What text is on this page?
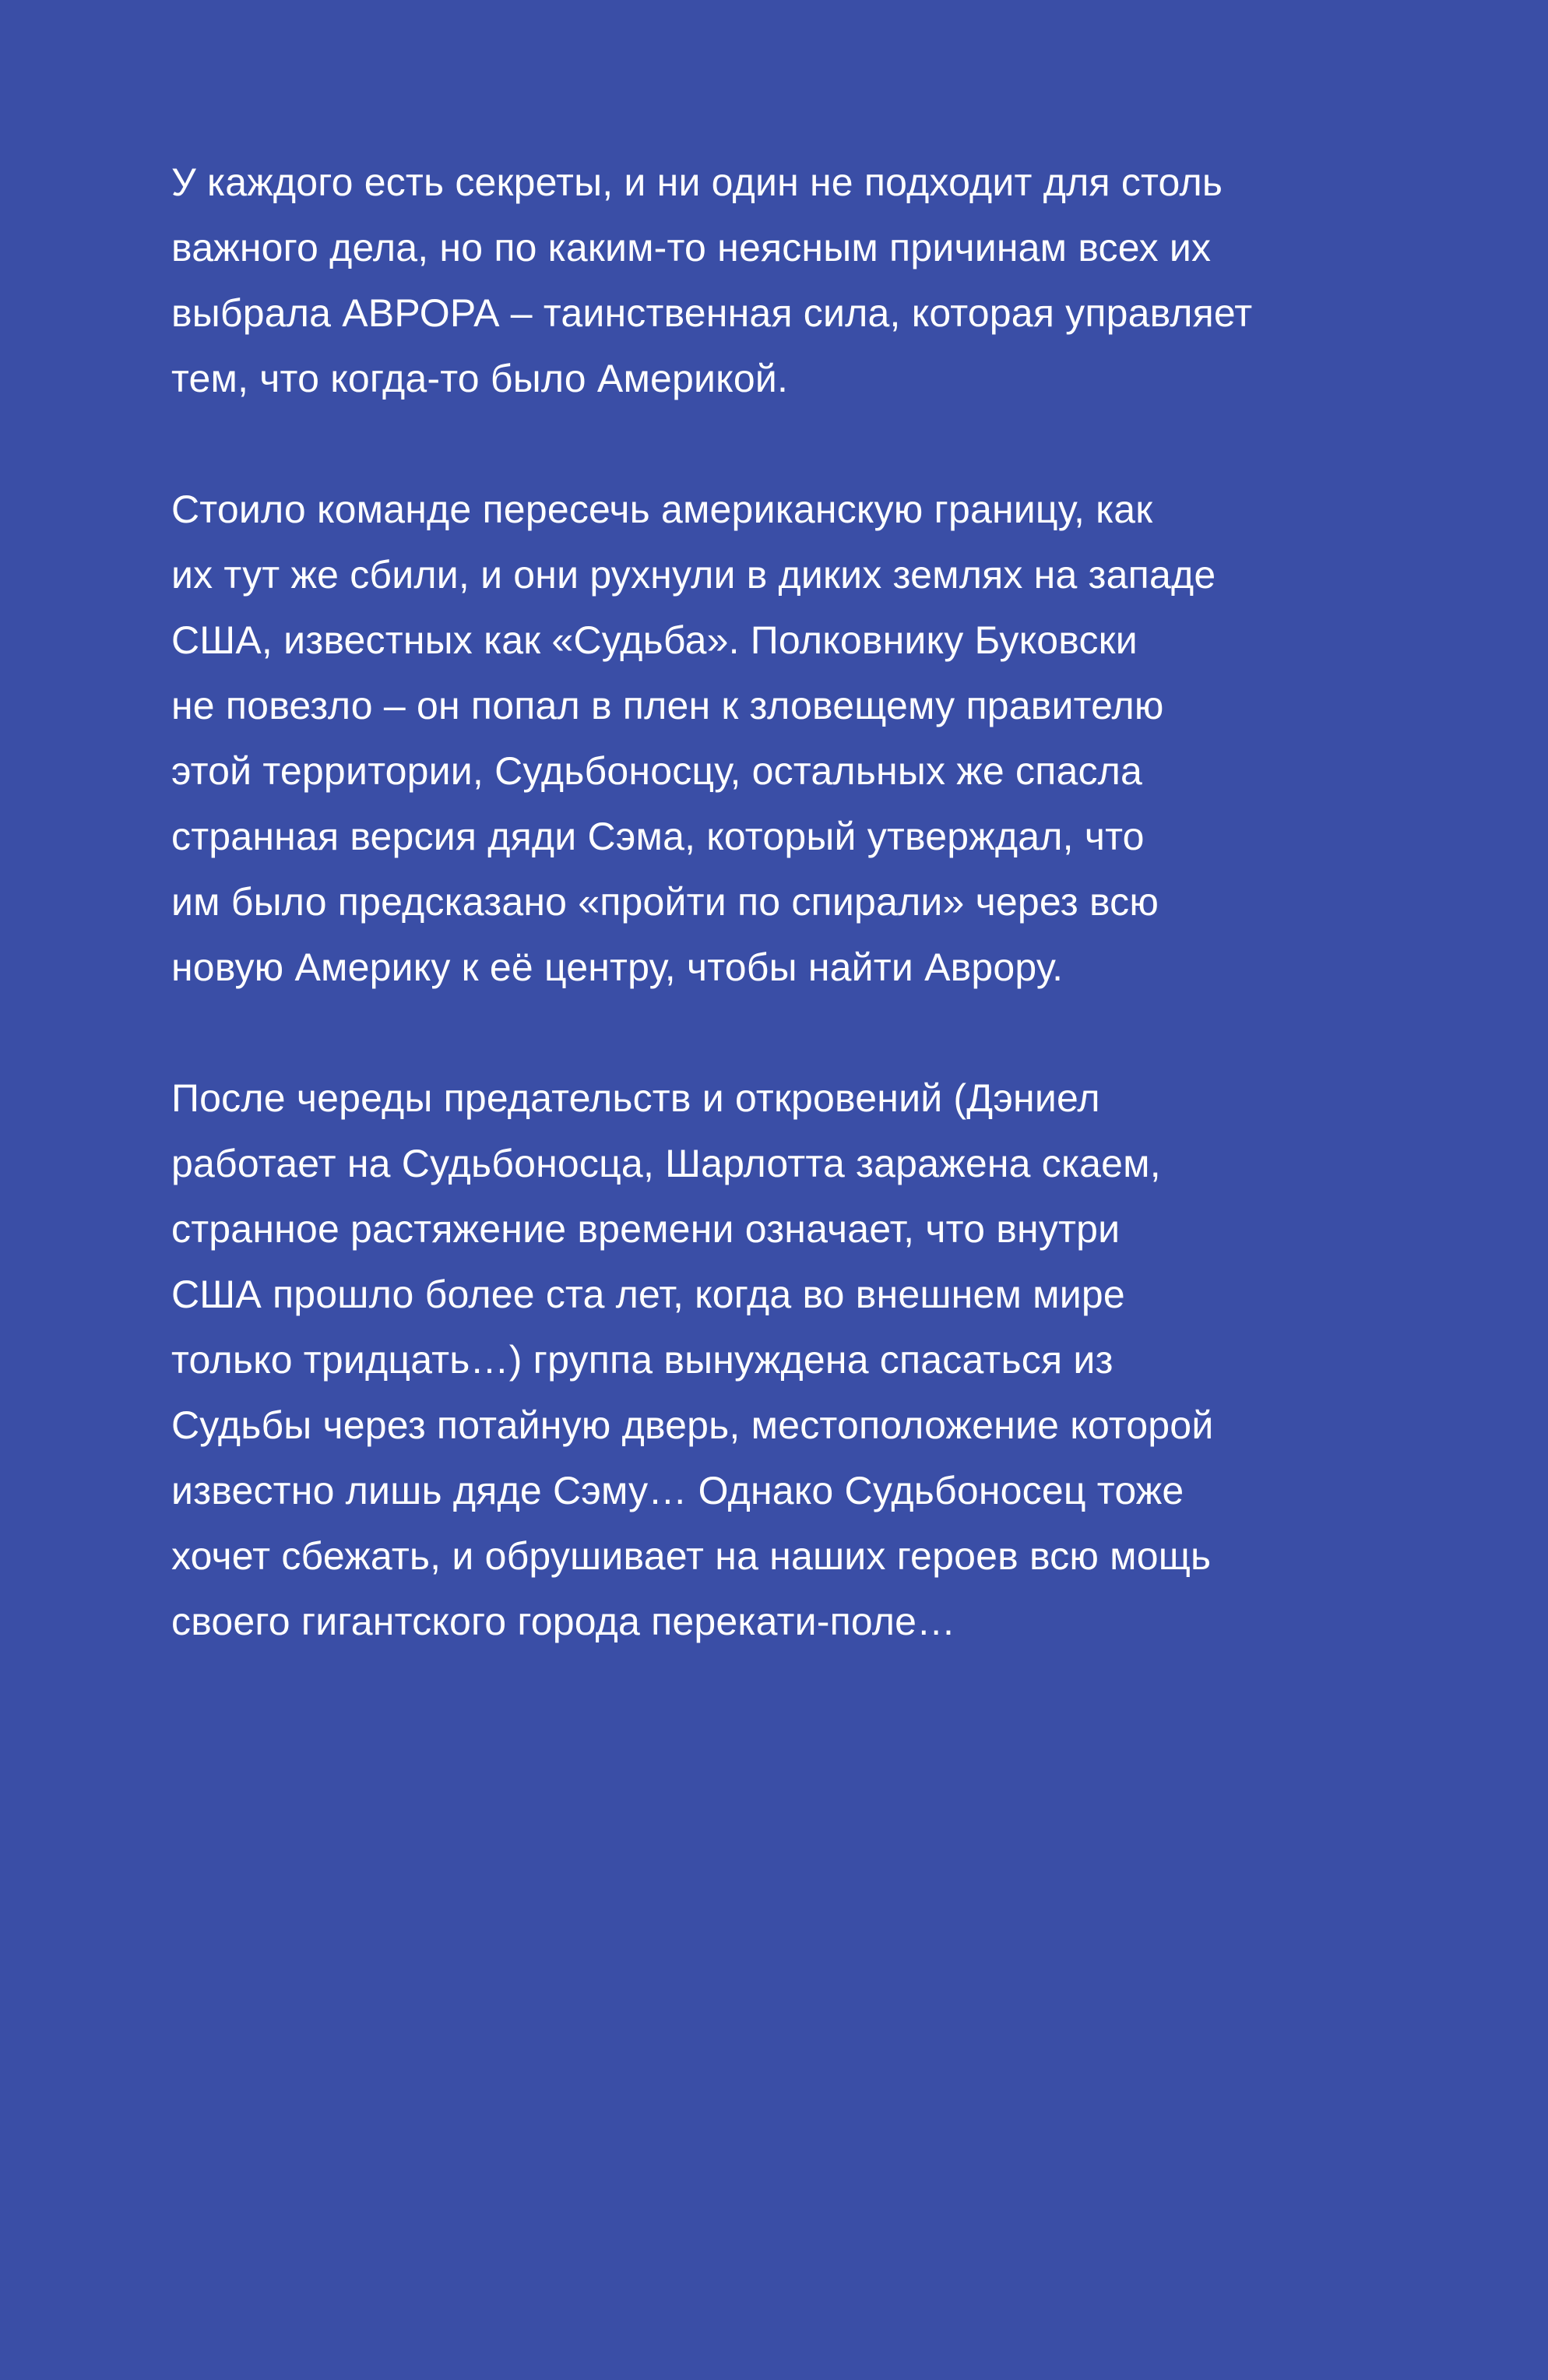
У каждого есть секреты, и ни один не подходит для столь
важного дела, но по каким-то неясным причинам всех их
выбрала АВРОРА – таинственная сила, которая управляет
тем, что когда-то было Америкой.

Стоило команде пересечь американскую границу, как
их тут же сбили, и они рухнули в диких землях на западе
США, известных как «Судьба». Полковнику Буковски
не повезло – он попал в плен к зловещему правителю
этой территории, Судьбоносцу, остальных же спасла
странная версия дяди Сэма, который утверждал, что
им было предсказано «пройти по спирали» через всю
новую Америку к её центру, чтобы найти Аврору.

После череды предательств и откровений (Дэниел
работает на Судьбоносца, Шарлотта заражена скаем,
странное растяжение времени означает, что внутри
США прошло более ста лет, когда во внешнем мире
только тридцать…) группа вынуждена спасаться из
Судьбы через потайную дверь, местоположение которой
известно лишь дяде Сэму… Однако Судьбоносец тоже
хочет сбежать, и обрушивает на наших героев всю мощь
своего гигантского города перекати-поле…
